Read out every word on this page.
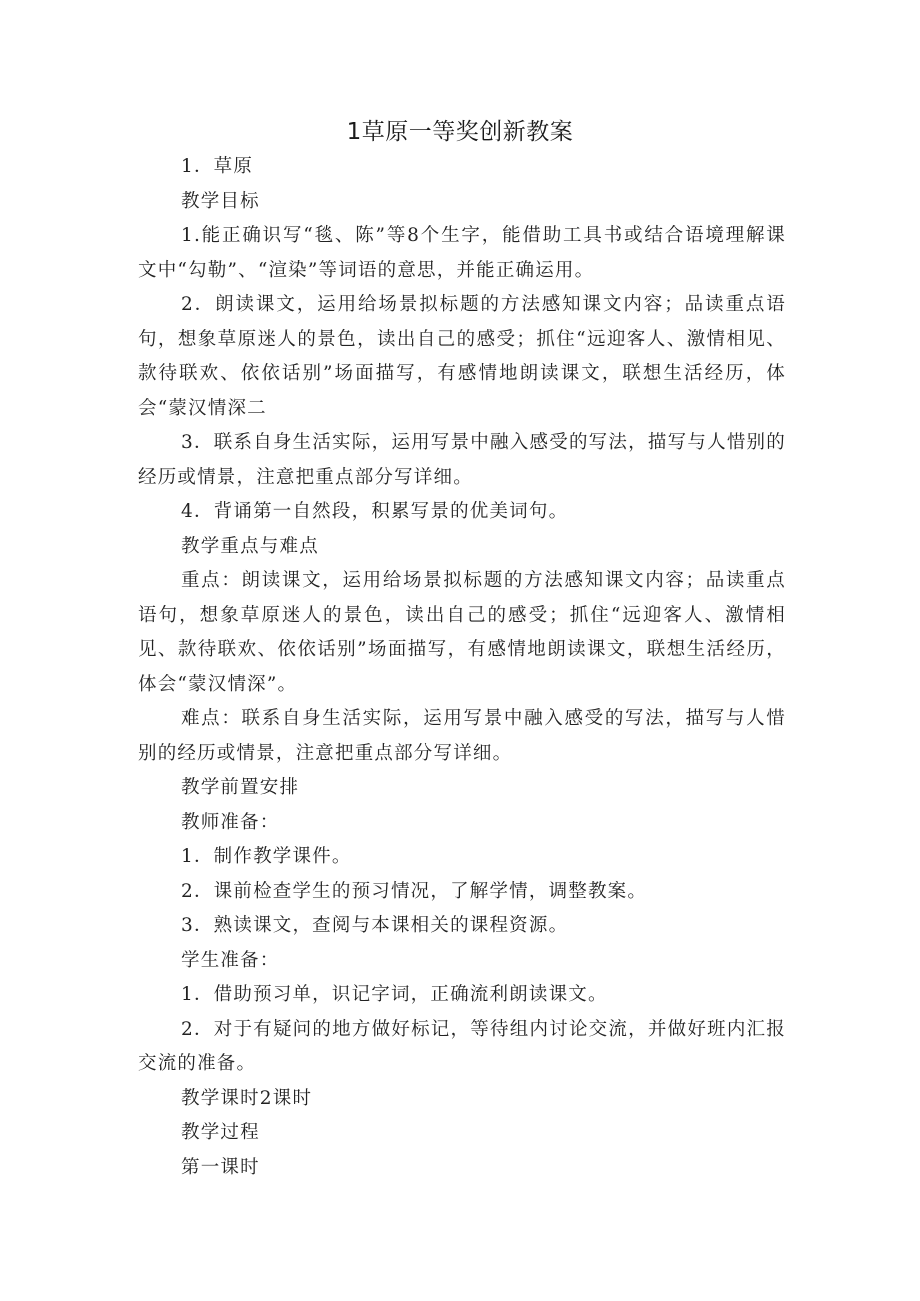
1草原一等奖创新教案

1．草原

教学目标

1.能正确识写“毯、陈”等8个生字，能借助工具书或结合语境理解课文中“勾勒”、“渲染”等词语的意思，并能正确运用。

2．朗读课文，运用给场景拟标题的方法感知课文内容；品读重点语句，想象草原迷人的景色，读出自己的感受；抓住“远迎客人、激情相见、款待联欢、依依话别”场面描写，有感情地朗读课文，联想生活经历，体会“蒙汉情深二

3．联系自身生活实际，运用写景中融入感受的写法，描写与人惜别的经历或情景，注意把重点部分写详细。

4．背诵第一自然段，积累写景的优美词句。

教学重点与难点

重点：朗读课文，运用给场景拟标题的方法感知课文内容；品读重点语句，想象草原迷人的景色，读出自己的感受；抓住“远迎客人、激情相见、款待联欢、依依话别”场面描写，有感情地朗读课文，联想生活经历，体会“蒙汉情深”。

难点：联系自身生活实际，运用写景中融入感受的写法，描写与人惜别的经历或情景，注意把重点部分写详细。

教学前置安排

教师准备：

1．制作教学课件。

2．课前检查学生的预习情况，了解学情，调整教案。

3．熟读课文，查阅与本课相关的课程资源。

学生准备：

1．借助预习单，识记字词，正确流利朗读课文。

2．对于有疑问的地方做好标记，等待组内讨论交流，并做好班内汇报交流的准备。

教学课时2课时

教学过程

第一课时
